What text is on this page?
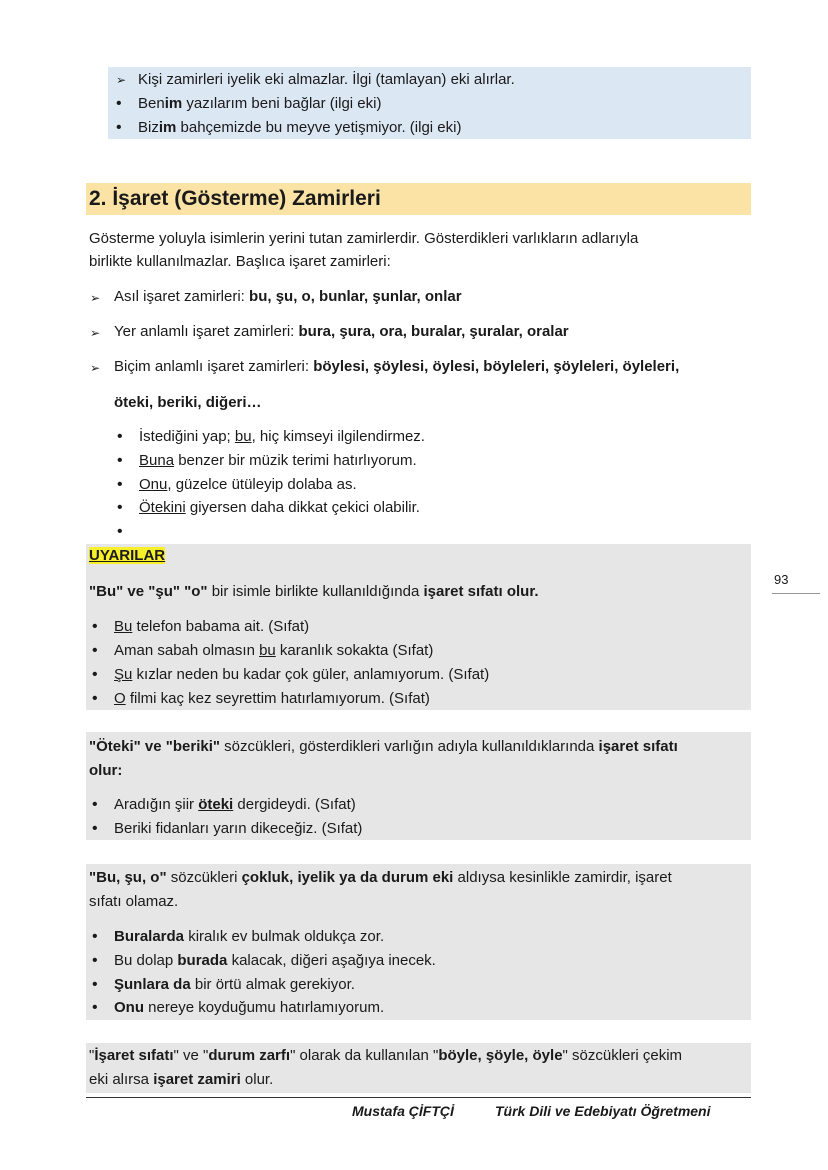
➢ Kişi zamirleri iyelik eki almazlar. İlgi (tamlayan) eki alırlar.
• Benim yazılarım beni bağlar (ilgi eki)
• Bizim bahçemizde bu meyve yetişmiyor. (ilgi eki)
2. İşaret (Gösterme) Zamirleri
Gösterme yoluyla isimlerin yerini tutan zamirlerdir. Gösterdikleri varlıkların adlarıyla
birlikte kullanılmazlar. Başlıca işaret zamirleri:
➢ Asıl işaret zamirleri: bu, şu, o, bunlar, şunlar, onlar
➢ Yer anlamlı işaret zamirleri: bura, şura, ora, buralar, şuralar, oralar
➢ Biçim anlamlı işaret zamirleri: böylesi, şöylesi, öylesi, böyleleri, şöyleleri, öyleleri,
öteki, beriki, diğeri…
• İstediğini yap; bu, hiç kimseyi ilgilendirmez.
• Buna benzer bir müzik terimi hatırlıyorum.
• Onu, güzelce ütüleyip dolaba as.
• Ötekini giyersen daha dikkat çekici olabilir.
UYARILAR
"Bu" ve "şu" "o" bir isimle birlikte kullanıldığında işaret sıfatı olur.
• Bu telefon babama ait. (Sıfat)
• Aman sabah olmasın bu karanlık sokakta (Sıfat)
• Şu kızlar neden bu kadar çok güler, anlamıyorum. (Sıfat)
• O filmi kaç kez seyrettim hatırlamıyorum. (Sıfat)
93
"Öteki" ve "beriki" sözcükleri, gösterdikleri varlığın adıyla kullanıldıklarında işaret sıfatı
olur:
• Aradığın şiir öteki dergideydi. (Sıfat)
• Beriki fidanları yarın dikeceğiz. (Sıfat)
"Bu, şu, o" sözcükleri çokluk, iyelik ya da durum eki aldıysa kesinlikle zamirdir, işaret
sıfatı olamaz.
• Buralarda kiralık ev bulmak oldukça zor.
• Bu dolap burada kalacak, diğeri aşağıya inecek.
• Şunlara da bir örtü almak gerekiyor.
• Onu nereye koyduğumu hatırlamıyorum.
"İşaret sıfatı" ve "durum zarfı" olarak da kullanılan "böyle, şöyle, öyle" sözcükleri çekim
eki alırsa işaret zamiri olur.
Mustafa ÇİFTÇİ	Türk Dili ve Edebiyatı Öğretmeni
